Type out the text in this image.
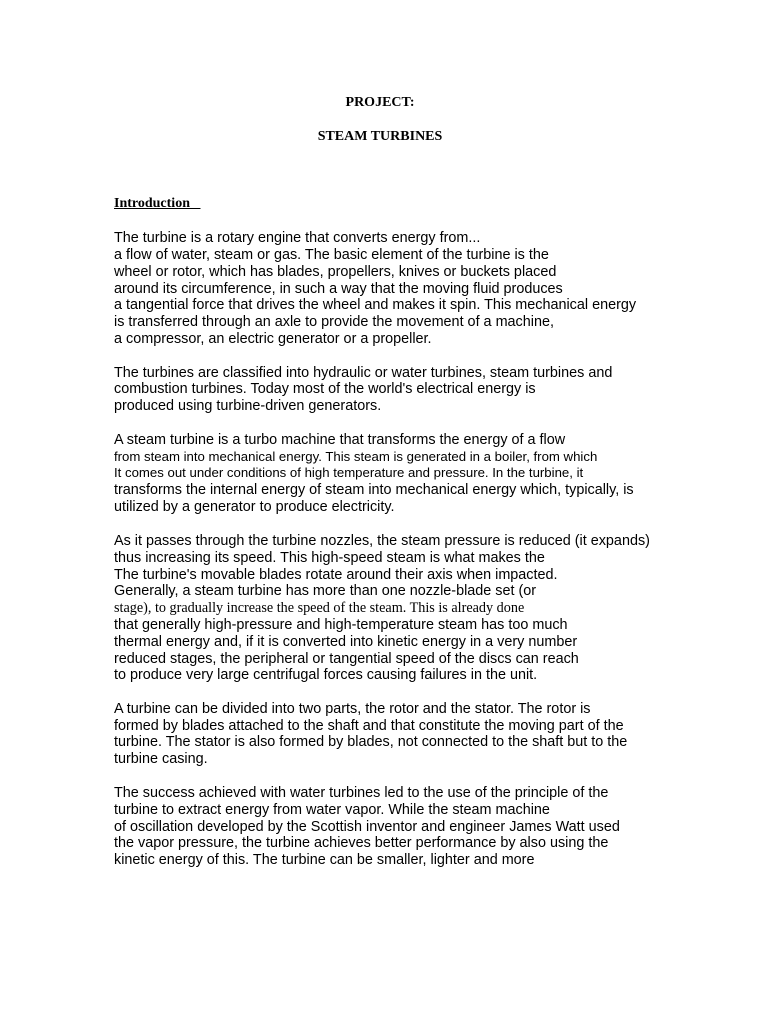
PROJECT:
STEAM TURBINES
Introduction
The turbine is a rotary engine that converts energy from...
a flow of water, steam or gas. The basic element of the turbine is the
wheel or rotor, which has blades, propellers, knives or buckets placed
around its circumference, in such a way that the moving fluid produces
a tangential force that drives the wheel and makes it spin. This mechanical energy
is transferred through an axle to provide the movement of a machine,
a compressor, an electric generator or a propeller.
The turbines are classified into hydraulic or water turbines, steam turbines and
combustion turbines. Today most of the world's electrical energy is
produced using turbine-driven generators.
A steam turbine is a turbo machine that transforms the energy of a flow
from steam into mechanical energy. This steam is generated in a boiler, from which
It comes out under conditions of high temperature and pressure. In the turbine, it
transforms the internal energy of steam into mechanical energy which, typically, is
utilized by a generator to produce electricity.
As it passes through the turbine nozzles, the steam pressure is reduced (it expands)
thus increasing its speed. This high-speed steam is what makes the
The turbine's movable blades rotate around their axis when impacted.
Generally, a steam turbine has more than one nozzle-blade set (or
stage), to gradually increase the speed of the steam. This is already done
that generally high-pressure and high-temperature steam has too much
thermal energy and, if it is converted into kinetic energy in a very number
reduced stages, the peripheral or tangential speed of the discs can reach
to produce very large centrifugal forces causing failures in the unit.
A turbine can be divided into two parts, the rotor and the stator. The rotor is
formed by blades attached to the shaft and that constitute the moving part of the
turbine. The stator is also formed by blades, not connected to the shaft but to the
turbine casing.
The success achieved with water turbines led to the use of the principle of the
turbine to extract energy from water vapor. While the steam machine
of oscillation developed by the Scottish inventor and engineer James Watt used
the vapor pressure, the turbine achieves better performance by also using the
kinetic energy of this. The turbine can be smaller, lighter and more
